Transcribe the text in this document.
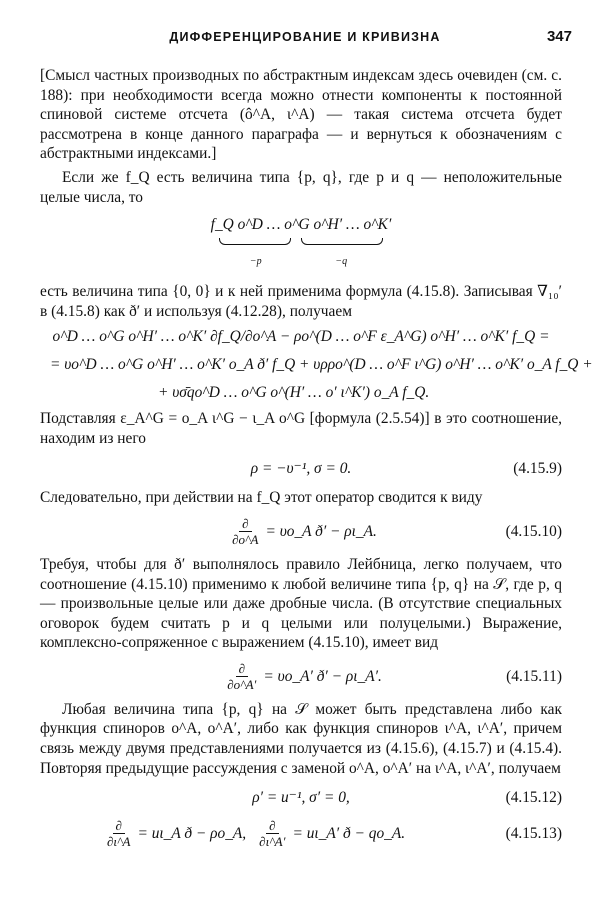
ДИФФЕРЕНЦИРОВАНИЕ И КРИВИЗНА	347

[Смысл частных производных по абстрактным индексам здесь очевиден (см. с. 188): при необходимости всегда можно отнести компоненты к постоянной спиновой системе отсчета (ô^A, ɩ^A) — такая система отсчета будет рассмотрена в конце данного параграфа — и вернуться к обозначениям с абстрактными индексами.]

Если же f_Q есть величина типа {p, q}, где p и q — неположительные целые числа, то

f_Q o^D … o^G o^H′ … o^K′

−p	−q

есть величина типа {0, 0} и к ней применима формула (4.15.8). Записывая ∇₁₀′ в (4.15.8) как ð′ и используя (4.12.28), получаем

o^D … o^G o^H′ … o^K′ ∂f_Q/∂o^A − ρo^(D … o^F ε_A^G) o^H′ … o^K′ f_Q =
= υo^D … o^G o^H′ … o^K′ o_A ð′ f_Q + υρρo^(D … o^F ɩ^G) o^H′ … o^K′ o_A f_Q +
+ υσ̄qo^D … o^G o^(H′ … o′ ɩ^K′) o_A f_Q.

Подставляя ε_A^G = o_A ɩ^G − ɩ_A o^G [формула (2.5.54)] в это соотношение, находим из него

ρ = −υ⁻¹, σ = 0.	(4.15.9)

Следовательно, при действии на f_Q этот оператор сводится к виду

$\frac{\partial}{\partial o\^{}A}$ = υo_A ð′ − ρɩ_A.	(4.15.10)

Требуя, чтобы для ð′ выполнялось правило Лейбница, легко получаем, что соотношение (4.15.10) применимо к любой величине типа {p, q} на 𝒮, где p, q — произвольные целые или даже дробные числа. (В отсутствие специальных оговорок будем считать p и q целыми или полуцелыми.) Выражение, комплексно-сопряженное с выражением (4.15.10), имеет вид

$\frac{\partial}{\partial o\^{}A'}$ = υo_A′ ð′ − ρɩ_A′.	(4.15.11)

Любая величина типа {p, q} на 𝒮 может быть представлена либо как функция спиноров o^A, o^A′, либо как функция спиноров ɩ^A, ɩ^A′, причем связь между двумя представлениями получается из (4.15.6), (4.15.7) и (4.15.4). Повторяя предыдущие рассуждения с заменой o^A, o^A′ на ɩ^A, ɩ^A′, получаем

ρ′ = u⁻¹, σ′ = 0,	(4.15.12)
$\frac{\partial}{\text{∂ɩ\textasciicircum{}A}}$ = uɩ_A ð − ρo_A, $\frac{\partial}{\text{∂ɩ\textasciicircum{}A′}}$ = uɩ_A′ ð − qo_A.	(4.15.13)
